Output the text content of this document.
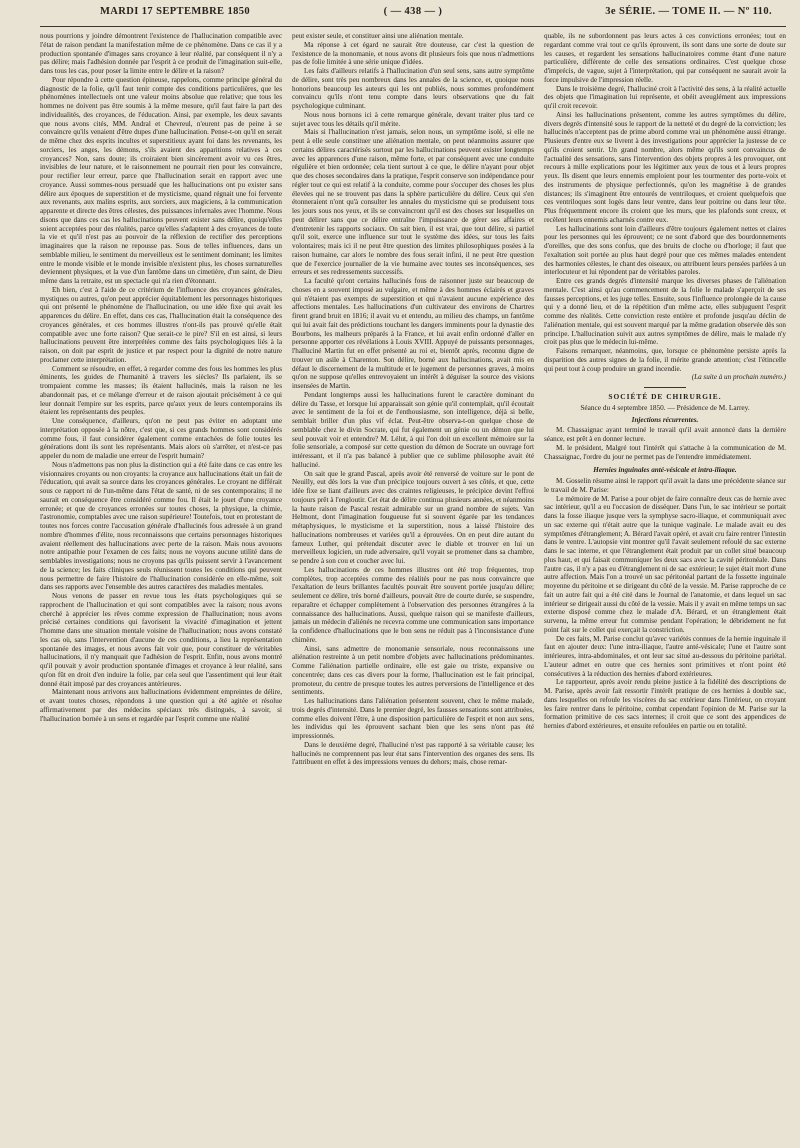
MARDI 17 SEPTEMBRE 1850	( — 438 — )	3e SÉRIE. — TOME II. — Nº 110.

nous pourrions y joindre démontrent l'existence de l'hallucination compatible avec l'état de raison pendant la manifestation même de ce phénomène. Dans ce cas il y a production spontanée d'images sans croyance à leur réalité, par conséquent il n'y a pas délire; mais l'adhésion donnée par l'esprit à ce produit de l'imagination suit-elle, dans tous les cas, pour poser la limite entre le délire et la raison?

Pour répondre à cette question épineuse, rappelons, comme principe général du diagnostic de la folie, qu'il faut tenir compte des conditions particulières, que les phénomènes intellectuels ont une valeur moins absolue que relative; que tous les hommes ne doivent pas être soumis à la même mesure, qu'il faut faire la part des individualités, des croyances, de l'éducation. Ainsi, par exemple, les deux savants que nous avons cités, MM. Andral et Chevreul, n'eurent pas de peine à se convaincre qu'ils venaient d'être dupes d'une hallucination. Pense-t-on qu'il en serait de même chez des esprits incultes et superstitieux ayant foi dans les revenants, les sorciers, les anges, les démons, s'ils avaient des apparitions relatives à ces croyances? Non, sans doute; ils croiraient bien sincèrement avoir vu ces êtres, invisibles de leur nature, et le raisonnement ne pourrait rien pour les convaincre, pour rectifier leur erreur, parce que l'hallucination serait en rapport avec une croyance. Aussi sommes-nous persuadé que les hallucinations ont pu exister sans délire aux époques de superstition et de mysticisme, quand régnait une foi fervente aux revenants, aux malins esprits, aux sorciers, aux magiciens, à la communication apparente et directe des êtres célestes, des puissances infernales avec l'homme. Nous disons que dans ces cas les hallucinations peuvent exister sans délire, quoiqu'elles soient acceptées pour des réalités, parce qu'elles s'adaptent à des croyances de toute la vie et qu'il n'est pas au pouvoir de la réflexion de rectifier des perceptions imaginaires que la raison ne repousse pas. Sous de telles influences, dans un semblable milieu, le sentiment du merveilleux est le sentiment dominant; les limites entre le monde visible et le monde invisible n'existent plus, les choses surnaturelles deviennent physiques, et la vue d'un fantôme dans un cimetière, d'un saint, de Dieu même dans la retraite, est un spectacle qui n'a rien d'étonnant.

Eh bien, c'est à l'aide de ce critérium de l'influence des croyances générales, mystiques ou autres, qu'on peut apprécier équitablement les personnages historiques qui ont présenté le phénomène de l'hallucination, ou une idée fixe qui avait les apparences du délire. En effet, dans ces cas, l'hallucination était la conséquence des croyances générales, et ces hommes illustres n'ont-ils pas prouvé qu'elle était compatible avec une forte raison? Que serait-ce le pire? S'il en est ainsi, si leurs hallucinations peuvent être interprétées comme des faits psychologiques liés à la raison, on doit par esprit de justice et par respect pour la dignité de notre nature proclamer cette interprétation.

Comment se résoudre, en effet, à regarder comme des fous les hommes les plus éminents, les guides de l'humanité à travers les siècles? Ils parlaient, ils se trompaient comme les masses; ils étaient hallucinés, mais la raison ne les abandonnait pas, et ce mélange d'erreur et de raison ajoutait précisément à ce qui leur donnait l'empire sur les esprits, parce qu'aux yeux de leurs contemporains ils étaient les représentants des peuples.

Une conséquence, d'ailleurs, qu'on ne peut pas éviter en adoptant une interprétation opposée à la nôtre, c'est que, si ces grands hommes sont considérés comme fous, il faut considérer également comme entachées de folie toutes les générations dont ils sont les représentants. Mais alors où s'arrêter, et n'est-ce pas appeler du nom de maladie une erreur de l'esprit humain?

Nous n'admettons pas non plus la distinction qui a été faite dans ce cas entre les visionnaires croyants ou non croyants: la croyance aux hallucinations était un fait de l'éducation, qui avait sa source dans les croyances générales. Le croyant ne différait sous ce rapport ni de l'un-même dans l'état de santé, ni de ses contemporains; il ne saurait en conséquence être considéré comme fou. Il était le jouet d'une croyance erronée; et que de croyances erronées sur toutes choses, la physique, la chimie, l'astronomie, comptables avec une raison supérieure! Toutefois, tout en protestant de toutes nos forces contre l'accusation générale d'hallucinés fous adressée à un grand nombre d'hommes d'élite, nous reconnaissons que certains personnages historiques avaient réellement des hallucinations avec perte de la raison. Mais nous avouons notre antipathie pour l'examen de ces faits; nous ne voyons aucune utilité dans de semblables investigations; nous ne croyons pas qu'ils puissent servir à l'avancement de la science; les faits cliniques seuls réunissent toutes les conditions qui peuvent nous permettre de faire l'histoire de l'hallucination considérée en elle-même, soit dans ses rapports avec l'ensemble des autres caractères des maladies mentales.

Nous venons de passer en revue tous les états psychologiques qui se rapprochent de l'hallucination et qui sont compatibles avec la raison; nous avons cherché à apprécier les rêves comme expression de l'hallucination; nous avons précisé certaines conditions qui favorisent la vivacité d'imagination et jettent l'homme dans une situation mentale voisine de l'hallucination; nous avons constaté les cas où, sans l'intervention d'aucune de ces conditions, a lieu la représentation spontanée des images, et nous avons fait voir que, pour constituer de véritables hallucinations, il n'y manquait que l'adhésion de l'esprit. Enfin, nous avons montré qu'il pouvait y avoir production spontanée d'images et croyance à leur réalité, sans qu'on fût en droit d'en induire la folie, par cela seul que l'assentiment qui leur était donné était imposé par des croyances antérieures.

Maintenant nous arrivons aux hallucinations évidemment empreintes de délire, et avant toutes choses, répondons à une question qui a été agitée et résolue affirmativement par des médecins spéciaux très distingués, à savoir, si l'hallucination bornée à un sens et regardée par l'esprit comme une réalité

peut exister seule, et constituer ainsi une aliénation mentale.

Ma réponse à cet égard ne saurait être douteuse, car c'est la question de l'existence de la monomanie, et nous avons dit plusieurs fois que nous n'admettions pas de folie limitée à une série unique d'idées.

Les faits d'ailleurs relatifs à l'hallucination d'un seul sens, sans autre symptôme de délire, sont très peu nombreux dans les annales de la science, et, quoique nous honorions beaucoup les auteurs qui les ont publiés, nous sommes profondément convaincu qu'ils n'ont tenu compte dans leurs observations que du fait psychologique culminant.

Nous nous bornons ici à cette remarque générale, devant traiter plus tard ce sujet avec tous les détails qu'il mérite.

Mais si l'hallucination n'est jamais, selon nous, un symptôme isolé, si elle ne peut à elle seule constituer une aliénation mentale, on peut néanmoins assurer que certains délires caractérisés surtout par les hallucinations peuvent exister longtemps avec les apparences d'une raison, même forte, et par conséquent avec une conduite régulière et bien ordonnée; cela tient surtout à ce que, le délire n'ayant pour objet que des choses secondaires dans la pratique, l'esprit conserve son indépendance pour régler tout ce qui est relatif à la conduite, comme pour s'occuper des choses les plus élevées qui ne se trouvent pas dans la sphère particulière du délire. Ceux qui s'en étonneraient n'ont qu'à consulter les annales du mysticisme qui se produisent tous les jours sous nos yeux, et ils se convaincront qu'il est des choses sur lesquelles on peut délirer sans que ce délire entraîne l'impuissance de gérer ses affaires et d'entretenir les rapports sociaux. On sait bien, il est vrai, que tout délire, si partiel qu'il soit, exerce une influence sur tout le système des idées, sur tous les faits volontaires; mais ici il ne peut être question des limites philosophiques posées à la raison humaine, car alors le nombre des fous serait infini, il ne peut être question que de l'exercice journalier de la vie humaine avec toutes ses inconséquences, ses erreurs et ses redressements successifs.

La faculté qu'ont certains hallucinés fous de raisonner juste sur beaucoup de choses en a souvent imposé au vulgaire, et même à des hommes éclairés et graves qui n'étaient pas exempts de superstition et qui n'avaient aucune expérience des affections mentales. Les hallucinations d'un cultivateur des environs de Chartres firent grand bruit en 1816; il avait vu et entendu, au milieu des champs, un fantôme qui lui avait fait des prédictions touchant les dangers imminents pour la dynastie des Bourbons, les malheurs préparés à la France, et lui avait enfin ordonné d'aller en personne apporter ces révélations à Louis XVIII. Appuyé de puissants personnages, l'halluciné Martin fut en effet présenté au roi et, bientôt après, reconnu digne de trouver un asile à Charenton. Son délire, borné aux hallucinations, avait mis en défaut le discernement de la multitude et le jugement de personnes graves, à moins qu'on ne suppose qu'elles entrevoyaient un intérêt à déguiser la source des visions insensées de Martin.

Pendant longtemps aussi les hallucinations furent le caractère dominant du délire du Tasse, et lorsque lui apparaissait son génie qu'il contemplait, qu'il écoutait avec le sentiment de la foi et de l'enthousiasme, son intelligence, déjà si belle, semblait briller d'un plus vif éclat. Peut-être observa-t-on quelque chose de semblable chez le divin Socrate, qui fut également un génie ou un démon que lui seul pouvait voir et entendre? M. Lélut, à qui l'on doit un excellent mémoire sur la folie sensoriale, a composé sur cette question du démon de Socrate un ouvrage fort intéressant, et il n'a pas balancé à publier que ce sublime philosophe avait été halluciné.

On sait que le grand Pascal, après avoir été renversé de voiture sur le pont de Neuilly, eut dès lors la vue d'un précipice toujours ouvert à ses côtés, et que, cette idée fixe se liant d'ailleurs avec des craintes religieuses, le précipice devint l'effroi toujours prêt à l'engloutir. Cet état de délire continua plusieurs années, et néanmoins la haute raison de Pascal restait admirable sur un grand nombre de sujets. Van Helmont, dont l'imagination fougueuse fut si souvent égarée par les tendances métaphysiques, le mysticisme et la superstition, nous a laissé l'histoire des hallucinations nombreuses et variées qu'il a éprouvées. On en peut dire autant du fameux Luther, qui prétendait discuter avec le diable et trouver en lui un merveilleux logicien, un rude adversaire, qu'il voyait se promener dans sa chambre, se pendre à son cou et coucher avec lui.

Les hallucinations de ces hommes illustres ont été trop fréquentes, trop complètes, trop acceptées comme des réalités pour ne pas nous convaincre que l'exaltation de leurs brillantes facultés pouvait être souvent portée jusqu'au délire; seulement ce délire, très borné d'ailleurs, pouvait être de courte durée, se suspendre, reparaître et échapper complètement à l'observation des personnes étrangères à la connaissance des hallucinations. Aussi, quelque raison qui se manifeste d'ailleurs, jamais un médecin d'aliénés ne recevra comme une communication sans importance la confidence d'hallucinations que le bon sens ne réduit pas à l'inconsistance d'une chimère.

Ainsi, sans admettre de monomanie sensoriale, nous reconnaissons une aliénation restreinte à un petit nombre d'objets avec hallucinations prédominantes. Comme l'aliénation partielle ordinaire, elle est gaie ou triste, expansive ou concentrée; dans ces cas divers pour la forme, l'hallucination est le fait principal, promoteur, du centre de presque toutes les autres perversions de l'intelligence et des sentiments.

Les hallucinations dans l'aliénation présentent souvent, chez le même malade, trois degrés d'intensité. Dans le premier degré, les fausses sensations sont attribuées, comme elles doivent l'être, à une disposition particulière de l'esprit et non aux sens, les individus qui les éprouvent sachant bien que les sens n'ont pas été impressionnés.

Dans le deuxième degré, l'halluciné n'est pas rapporté à sa véritable cause; les hallucinés ne comprennent pas leur état sans l'intervention des organes des sens. Ils l'attribuent en effet à des impressions venues du dehors; mais, chose remar-

quable, ils ne subordonnent pas leurs actes à ces convictions erronées; tout en regardant comme vrai tout ce qu'ils éprouvent, ils sont dans une sorte de doute sur les causes, et regardent les sensations hallucinatoires comme étant d'une nature particulière, différente de celle des sensations ordinaires. C'est quelque chose d'imprécis, de vague, sujet à l'interprétation, qui par conséquent ne saurait avoir la force impulsive de l'impression réelle.

Dans le troisième degré, l'halluciné croit à l'activité des sens, à la réalité actuelle des objets que l'imagination lui représente, et obéit aveuglément aux impressions qu'il croit recevoir.

Ainsi les hallucinations présentent, comme les autres symptômes du délire, divers degrés d'intensité sous le rapport de la netteté et du degré de la conviction; les hallucinés n'acceptent pas de prime abord comme vrai un phénomène aussi étrange. Plusieurs d'entre eux se livrent à des investigations pour apprécier la justesse de ce qu'ils croient sentir. Un grand nombre, alors même qu'ils sont convaincus de l'actualité des sensations, sans l'intervention des objets propres à les provoquer, ont recours à mille explications pour les légitimer aux yeux de tous et à leurs propres yeux. Ils disent que leurs ennemis emploient pour les tourmenter des porte-voix et des instruments de physique perfectionnés, qu'on les magnétise à de grandes distances; ils s'imaginent être entourés de ventriloques, et croient quelquefois que ces ventriloques sont logés dans leur ventre, dans leur poitrine ou dans leur tête. Plus fréquemment encore ils croient que les murs, que les plafonds sont creux, et recèlent leurs ennemis acharnés contre eux.

Les hallucinations sont loin d'ailleurs d'être toujours également nettes et claires pour les personnes qui les éprouvent; ce ne sont d'abord que des bourdonnements d'oreilles, que des sons confus, que des bruits de cloche ou d'horloge; il faut que l'exaltation soit portée au plus haut degré pour que ces mêmes malades entendent des harmonies célestes, le chant des oiseaux, ou attribuent leurs pensées parlées à un interlocuteur et lui répondent par de véritables paroles.

Entre ces grands degrés d'intensité marque les diverses phases de l'aliénation mentale. C'est ainsi qu'au commencement de la folie le malade s'aperçoit de ses fausses perceptions, et les juge telles. Ensuite, sous l'influence prolongée de la cause qui y a donné lieu, et de la répétition d'un même acte, elles subjuguent l'esprit comme des réalités. Cette conviction reste entière et profonde jusqu'au déclin de l'aliénation mentale, qui est souvent marqué par la même gradation observée dès son principe. L'hallucination suivit aux autres symptômes de délire, mais le malade n'y croit pas plus que le médecin lui-même.

Faisons remarquer, néanmoins, que, lorsque ce phénomène persiste après la disparition des autres signes de la folie, il mérite grande attention; c'est l'étincelle qui peut tout à coup produire un grand incendie.

(La suite à un prochain numéro.)

SOCIÉTÉ DE CHIRURGIE.
Séance du 4 septembre 1850. — Présidence de M. Larrey.
Injections récurrentes.

M. Chassaignac ayant terminé le travail qu'il avait annoncé dans la dernière séance, est prêt à en donner lecture.

M. le président, Malgré tout l'intérêt qui s'attache à la communication de M. Chassaignac, l'ordre du jour ne permet pas de l'entendre immédiatement.

Hernies inguinales anté-vésicale et intra-iliaque.

M. Gosselin résume ainsi le rapport qu'il avait la dans une précédente séance sur le travail de M. Parise:

Le mémoire de M. Parise a pour objet de faire connaître deux cas de hernie avec sac intérieur, qu'il a eu l'occasion de disséquer. Dans l'un, le sac intérieur se portait dans la fosse iliaque jusque vers la symphyse sacro-iliaque, et communiquait avec un sac externe qui n'était autre que la tunique vaginale. Le malade avait eu des symptômes d'étranglement; A. Bérard l'avait opéré, et avait cru faire rentrer l'intestin dans le ventre. L'autopsie vint montrer qu'il l'avait seulement refoulé du sac externe dans le sac interne, et que l'étranglement était produit par un collet situé beaucoup plus haut, et qui faisait communiquer les deux sacs avec la cavité péritonéale. Dans l'autre cas, il n'y a pas eu d'étranglement ni de sac extérieur; le sujet était mort d'une autre affection. Mais l'on a trouvé un sac péritonéal partant de la fossette inguinale moyenne du péritoine et se dirigeant du côté de la vessie. M. Parise rapproche de ce fait un autre fait qui a été cité dans le Journal de l'anatomie, et dans lequel un sac intérieur se dirigeait aussi du côté de la vessie. Mais il y avait en même temps un sac externe disposé comme chez le malade d'A. Bérard, et un étranglement était survenu, la même erreur fut commise pendant l'opération; le débridement ne fut point fait sur le collet qui exerçait la constriction.

De ces faits, M. Parise conclut qu'avec variétés connues de la hernie inguinale il faut en ajouter deux: l'une intra-iliaque, l'autre anté-vésicale; l'une et l'autre sont intérieures, intra-abdominales, et ont leur sac situé au-dessous du péritoine pariétal. L'auteur admet en outre que ces hernies sont primitives et n'ont point été consécutives à la réduction des hernies d'abord extérieures.

Le rapporteur, après avoir rendu pleine justice à la fidélité des descriptions de M. Parise, après avoir fait ressortir l'intérêt pratique de ces hernies à double sac, dans lesquelles on refoule les viscères du sac extérieur dans l'intérieur, on croyant les faire rentrer dans le péritoine, combat cependant l'opinion de M. Parise sur la formation primitive de ces sacs internes; il croit que ce sont des appendices de hernies d'abord extérieures, et ensuite refoulées en partie ou en totalité.
